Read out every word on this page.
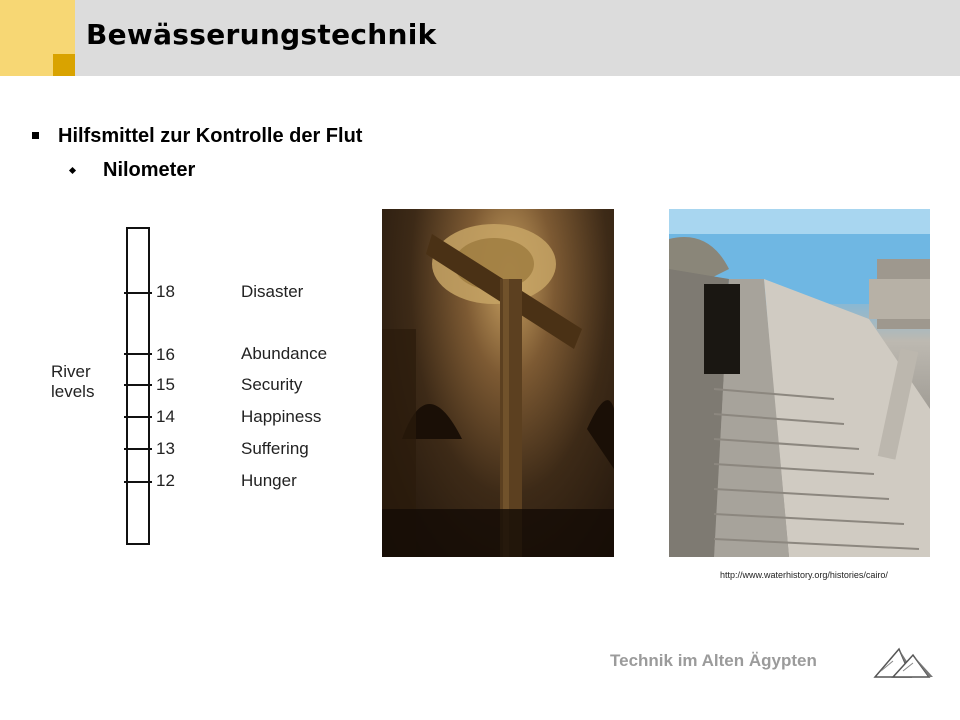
Bewässerungstechnik
Hilfsmittel zur Kontrolle der Flut
Nilometer
River
levels
18	Disaster
16	Abundance
15	Security
14	Happiness
13	Suffering
12	Hunger
http://www.waterhistory.org/histories/cairo/
Technik im Alten Ägypten
